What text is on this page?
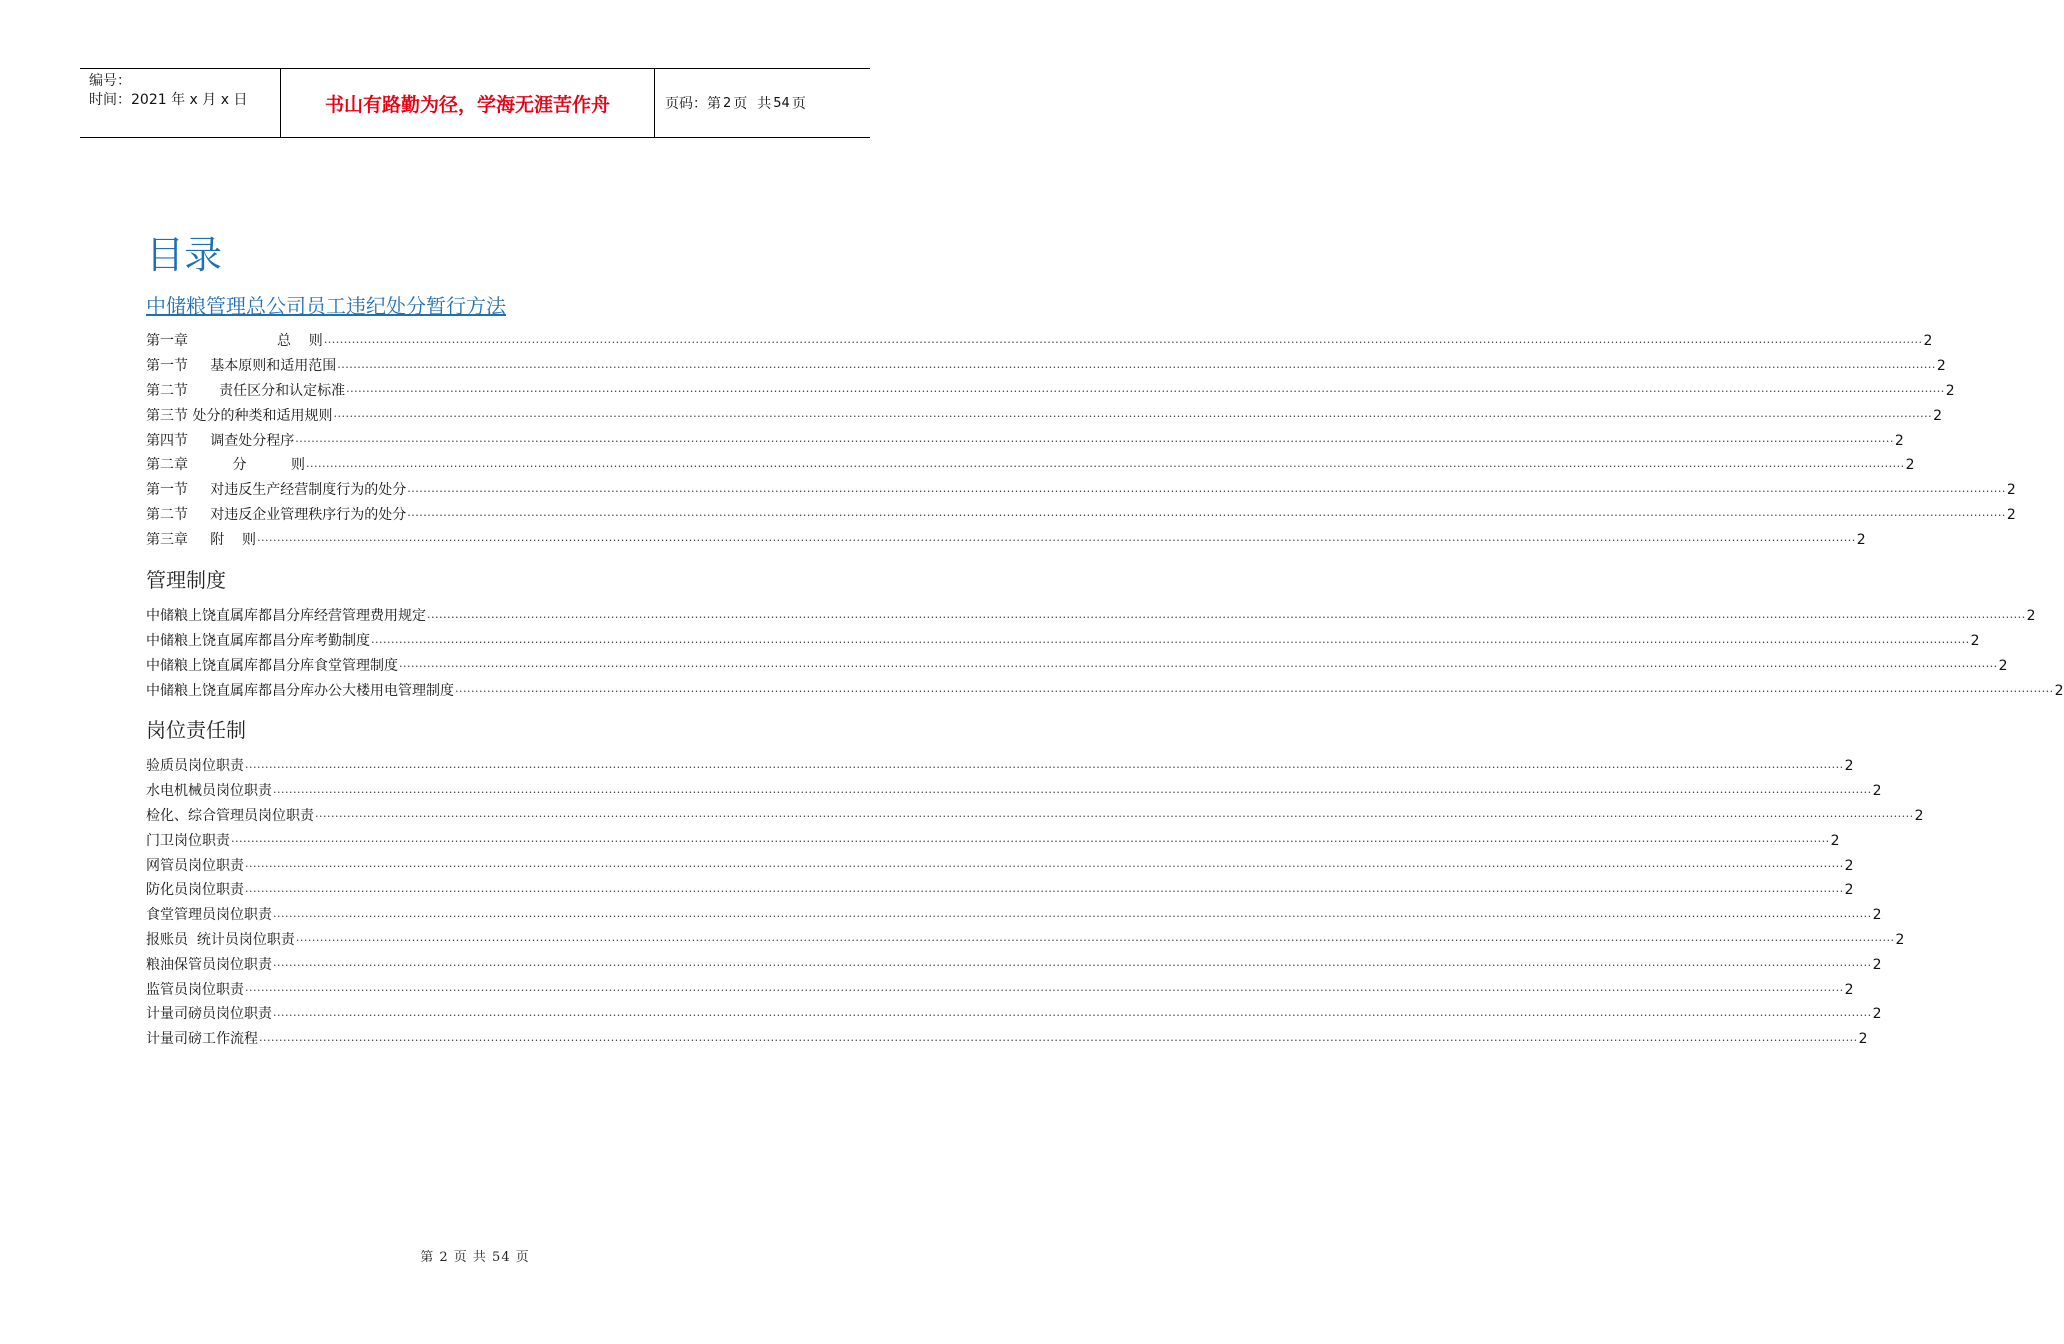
编号：
时间：2021 年 x 月 x 日	书山有路勤为径，学海无涯苦作舟	页码：第 2 页 共 54 页
目录
中储粮管理总公司员工违纪处分暂行方法
第一章 总    则 ................................................................................................................................................................................................................................................................................................................................................................................................................ 2
第一节 基本原则和适用范围 ................................................................................................................................................................................................................................................................................................................................................................................................................ 2
第二节 责任区分和认定标准 ................................................................................................................................................................................................................................................................................................................................................................................................................ 2
第三节 处分的种类和适用规则 ................................................................................................................................................................................................................................................................................................................................................................................................................ 2
第四节 调查处分程序 ................................................................................................................................................................................................................................................................................................................................................................................................................ 2
第二章 分          则 ................................................................................................................................................................................................................................................................................................................................................................................................................ 2
第一节 对违反生产经营制度行为的处分 ................................................................................................................................................................................................................................................................................................................................................................................................................ 2
第二节 对违反企业管理秩序行为的处分 ................................................................................................................................................................................................................................................................................................................................................................................................................ 2
第三章 附    则 ................................................................................................................................................................................................................................................................................................................................................................................................................ 2
管理制度
中储粮上饶直属库都昌分库经营管理费用规定 ................................................................................................................................................................................................................................................................................................................................................................................................................ 2
中储粮上饶直属库都昌分库考勤制度 ................................................................................................................................................................................................................................................................................................................................................................................................................ 2
中储粮上饶直属库都昌分库食堂管理制度 ................................................................................................................................................................................................................................................................................................................................................................................................................ 2
中储粮上饶直属库都昌分库办公大楼用电管理制度 ................................................................................................................................................................................................................................................................................................................................................................................................................ 2
岗位责任制
验质员岗位职责 ................................................................................................................................................................................................................................................................................................................................................................................................................ 2
水电机械员岗位职责 ................................................................................................................................................................................................................................................................................................................................................................................................................ 2
检化、综合管理员岗位职责 ................................................................................................................................................................................................................................................................................................................................................................................................................ 2
门卫岗位职责 ................................................................................................................................................................................................................................................................................................................................................................................................................ 2
网管员岗位职责 ................................................................................................................................................................................................................................................................................................................................................................................................................ 2
防化员岗位职责 ................................................................................................................................................................................................................................................................................................................................................................................................................ 2
食堂管理员岗位职责 ................................................................................................................................................................................................................................................................................................................................................................................................................ 2
报账员  统计员岗位职责 ................................................................................................................................................................................................................................................................................................................................................................................................................ 2
粮油保管员岗位职责 ................................................................................................................................................................................................................................................................................................................................................................................................................ 2
监管员岗位职责 ................................................................................................................................................................................................................................................................................................................................................................................................................ 2
计量司磅员岗位职责 ................................................................................................................................................................................................................................................................................................................................................................................................................ 2
计量司磅工作流程 ................................................................................................................................................................................................................................................................................................................................................................................................................ 2
第 2 页 共 54 页
